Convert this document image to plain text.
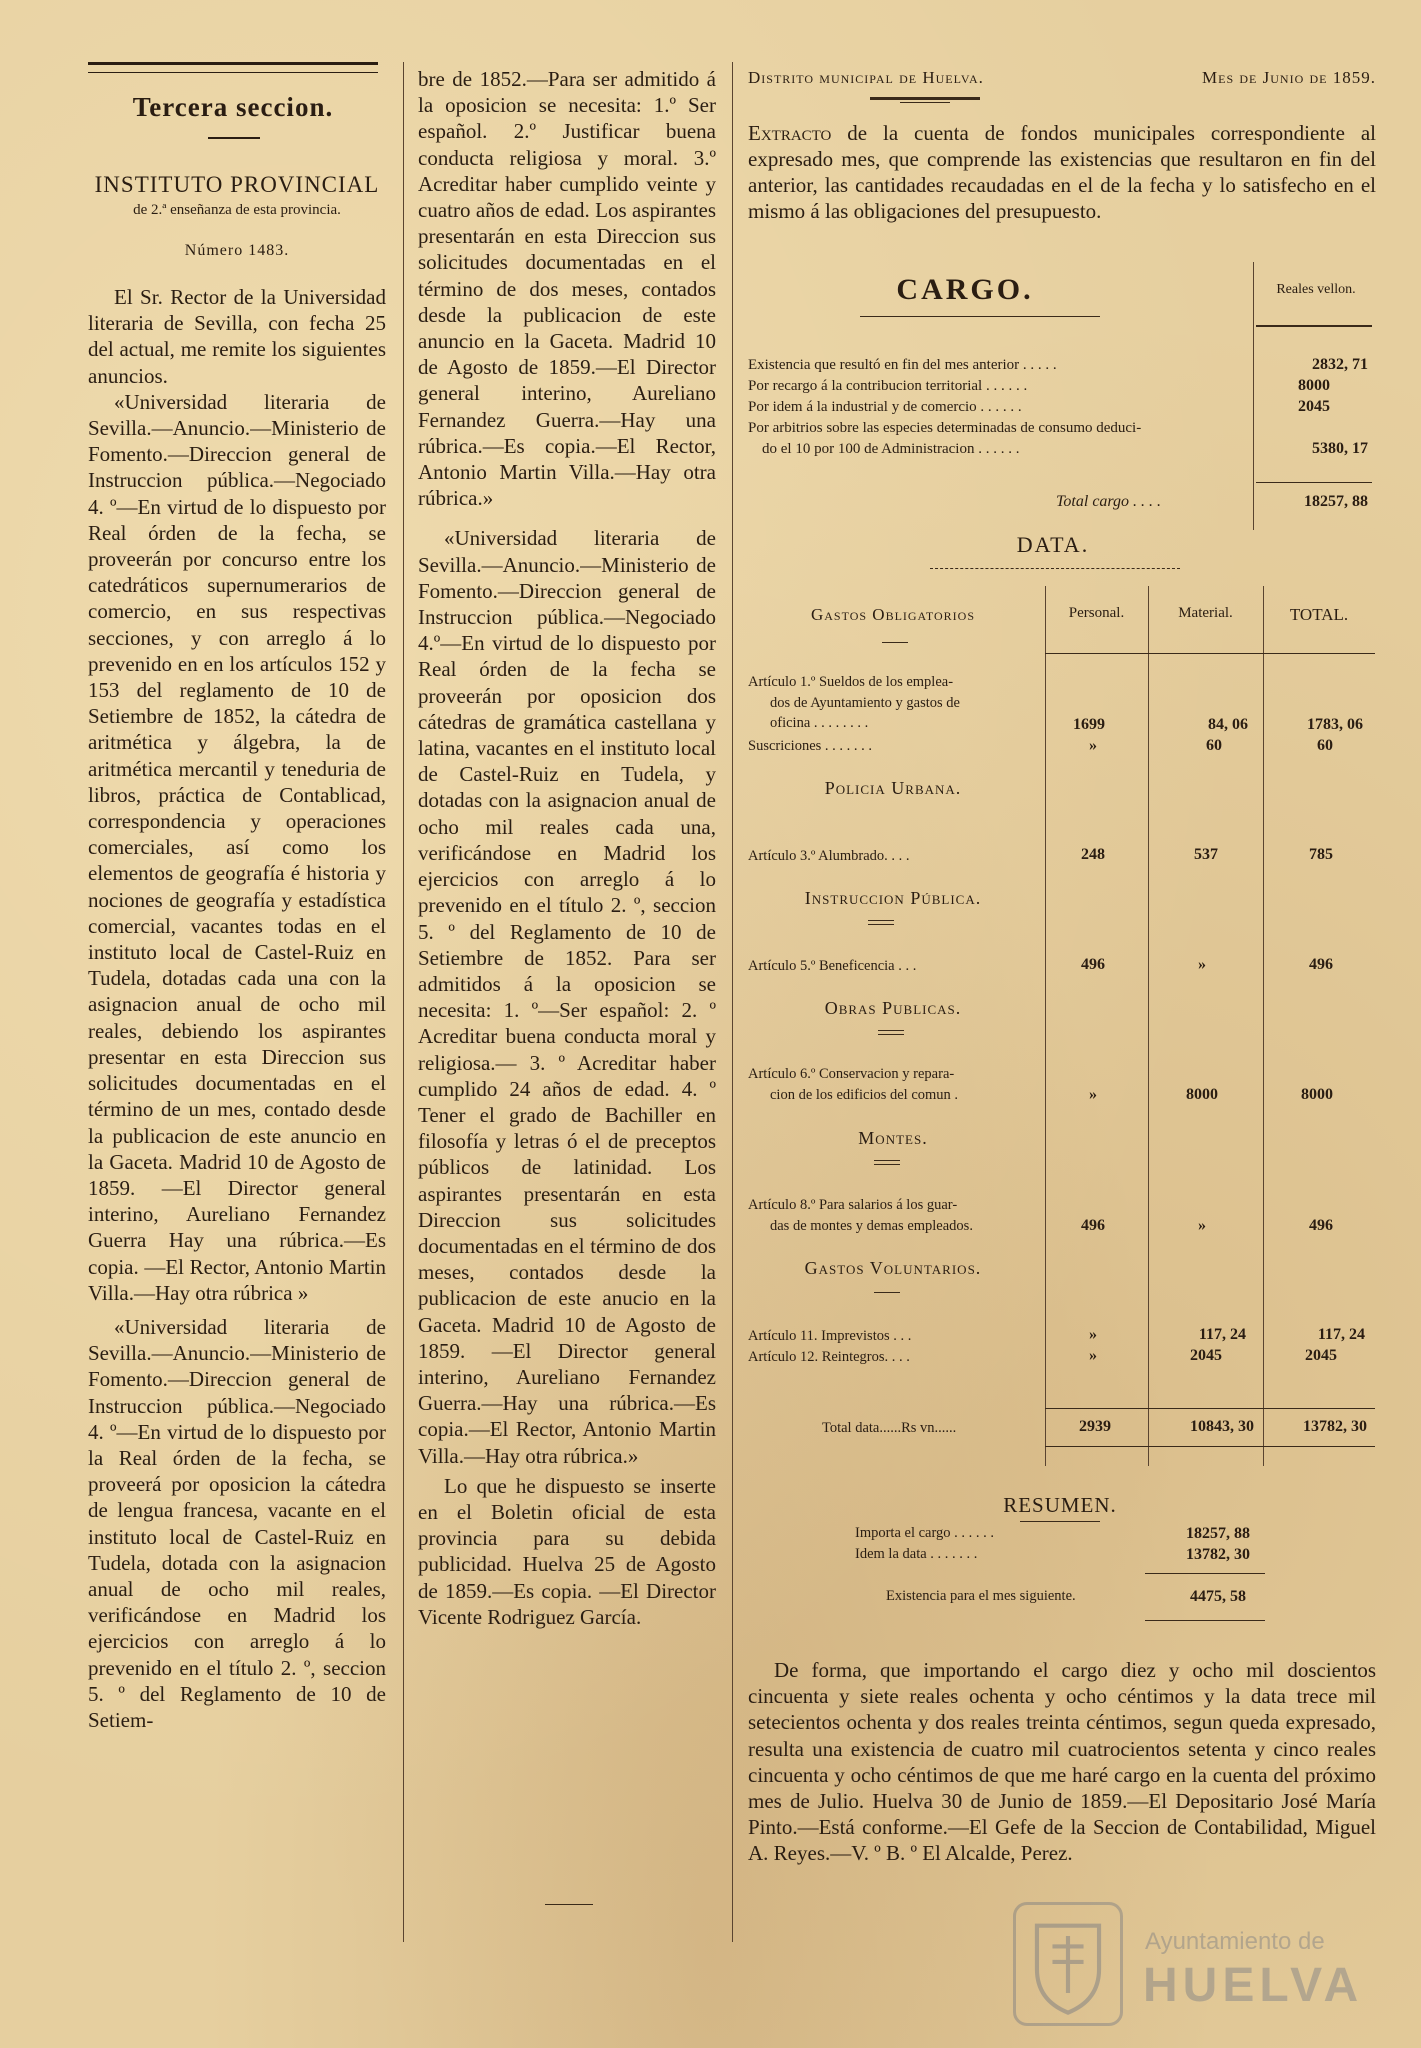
Tercera seccion.
INSTITUTO PROVINCIAL
de 2.ª enseñanza de esta provincia.
Número 1483.

El Sr. Rector de la Universidad literaria de Sevilla, con fecha 25 del actual, me remite los siguientes anuncios.

«Universidad literaria de Sevilla.—Anuncio.—Ministerio de Fomento.—Direccion general de Instruccion pública.—Negociado 4. º—En virtud de lo dispuesto por Real órden de la fecha, se proveerán por concurso entre los catedráticos supernumerarios de comercio, en sus respectivas secciones, y con arreglo á lo prevenido en en los artículos 152 y 153 del reglamento de 10 de Setiembre de 1852, la cátedra de aritmética y álgebra, la de aritmética mercantil y teneduria de libros, práctica de Contablicad, correspondencia y operaciones comerciales, así como los elementos de geografía é historia y nociones de geografía y estadística comercial, vacantes todas en el instituto local de Castel-Ruiz en Tudela, dotadas cada una con la asignacion anual de ocho mil reales, debiendo los aspirantes presentar en esta Direccion sus solicitudes documentadas en el término de un mes, contado desde la publicacion de este anuncio en la Gaceta. Madrid 10 de Agosto de 1859. —El Director general interino, Aureliano Fernandez Guerra Hay una rúbrica.—Es copia. —El Rector, Antonio Martin Villa.—Hay otra rúbrica »

«Universidad literaria de Sevilla.—Anuncio.—Ministerio de Fomento.—Direccion general de Instruccion pública.—Negociado 4. º—En virtud de lo dispuesto por la Real órden de la fecha, se proveerá por oposicion la cátedra de lengua francesa, vacante en el instituto local de Castel-Ruiz en Tudela, dotada con la asignacion anual de ocho mil reales, verificándose en Madrid los ejercicios con arreglo á lo prevenido en el título 2. º, seccion 5. º del Reglamento de 10 de Setiem-

bre de 1852.—Para ser admitido á la oposicion se necesita: 1.º Ser español. 2.º Justificar buena conducta religiosa y moral. 3.º Acreditar haber cumplido veinte y cuatro años de edad. Los aspirantes presentarán en esta Direccion sus solicitudes documentadas en el término de dos meses, contados desde la publicacion de este anuncio en la Gaceta. Madrid 10 de Agosto de 1859.—El Director general interino, Aureliano Fernandez Guerra.—Hay una rúbrica.—Es copia.—El Rector, Antonio Martin Villa.—Hay otra rúbrica.»

«Universidad literaria de Sevilla.—Anuncio.—Ministerio de Fomento.—Direccion general de Instruccion pública.—Negociado 4.º—En virtud de lo dispuesto por Real órden de la fecha se proveerán por oposicion dos cátedras de gramática castellana y latina, vacantes en el instituto local de Castel-Ruiz en Tudela, y dotadas con la asignacion anual de ocho mil reales cada una, verificándose en Madrid los ejercicios con arreglo á lo prevenido en el título 2. º, seccion 5. º del Reglamento de 10 de Setiembre de 1852. Para ser admitidos á la oposicion se necesita: 1. º—Ser español: 2. º Acreditar buena conducta moral y religiosa.— 3. º Acreditar haber cumplido 24 años de edad. 4. º Tener el grado de Bachiller en filosofía y letras ó el de preceptos públicos de latinidad. Los aspirantes presentarán en esta Direccion sus solicitudes documentadas en el término de dos meses, contados desde la publicacion de este anucio en la Gaceta. Madrid 10 de Agosto de 1859. —El Director general interino, Aureliano Fernandez Guerra.—Hay una rúbrica.—Es copia.—El Rector, Antonio Martin Villa.—Hay otra rúbrica.»

Lo que he dispuesto se inserte en el Boletin oficial de esta provincia para su debida publicidad. Huelva 25 de Agosto de 1859.—Es copia. —El Director Vicente Rodriguez García.

Distrito municipal de Huelva.	Mes de Junio de 1859.
Extracto de la cuenta de fondos municipales correspondiente al expresado mes, que comprende las existencias que resultaron en fin del anterior, las cantidades recaudadas en el de la fecha y lo satisfecho en el mismo á las obligaciones del presupuesto.
CARGO.	Reales vellon.
Existencia que resultó en fin del mes anterior . . . . .	2832, 71
Por recargo á la contribucion territorial . . . . . .	8000
Por idem á la industrial y de comercio . . . . . .	2045
Por arbitrios sobre las especies determinadas de consumo deduci-
do el 10 por 100 de Administracion . . . . . .	5380, 17
Total cargo . . . .	18257, 88
DATA.
Gastos Obligatorios	Personal.	Material.	TOTAL.
Artículo 1.º Sueldos de los emplea-
dos de Ayuntamiento y gastos de
oficina . . . . . . . .	1699	84, 06	1783, 06
Suscriciones . . . . . . .	»	60	60
Policia Urbana.
Artículo 3.º Alumbrado. . . .	248	537	785
Instruccion Pública.
Artículo 5.º Beneficencia . . .	496	»	496
Obras Publicas.
Artículo 6.º Conservacion y repara-
cion de los edificios del comun .	»	8000	8000
Montes.
Artículo 8.º Para salarios á los guar-
das de montes y demas empleados.	496	»	496
Gastos Voluntarios.
Artículo 11. Imprevistos . . .	»	117, 24	117, 24
Artículo 12. Reintegros. . . .	»	2045	2045
Total data......Rs vn......	2939	10843, 30	13782, 30
RESUMEN.
Importa el cargo . . . . . .	18257, 88
Idem la data . . . . . . .	13782, 30
Existencia para el mes siguiente.	4475, 58

De forma, que importando el cargo diez y ocho mil doscientos cincuenta y siete reales ochenta y ocho céntimos y la data trece mil setecientos ochenta y dos reales treinta céntimos, segun queda expresado, resulta una existencia de cuatro mil cuatrocientos setenta y cinco reales cincuenta y ocho céntimos de que me haré cargo en la cuenta del próximo mes de Julio. Huelva 30 de Junio de 1859.—El Depositario José María Pinto.—Está conforme.—El Gefe de la Seccion de Contabilidad, Miguel A. Reyes.—V. º B. º El Alcalde, Perez.

Ayuntamiento de
HUELVA
